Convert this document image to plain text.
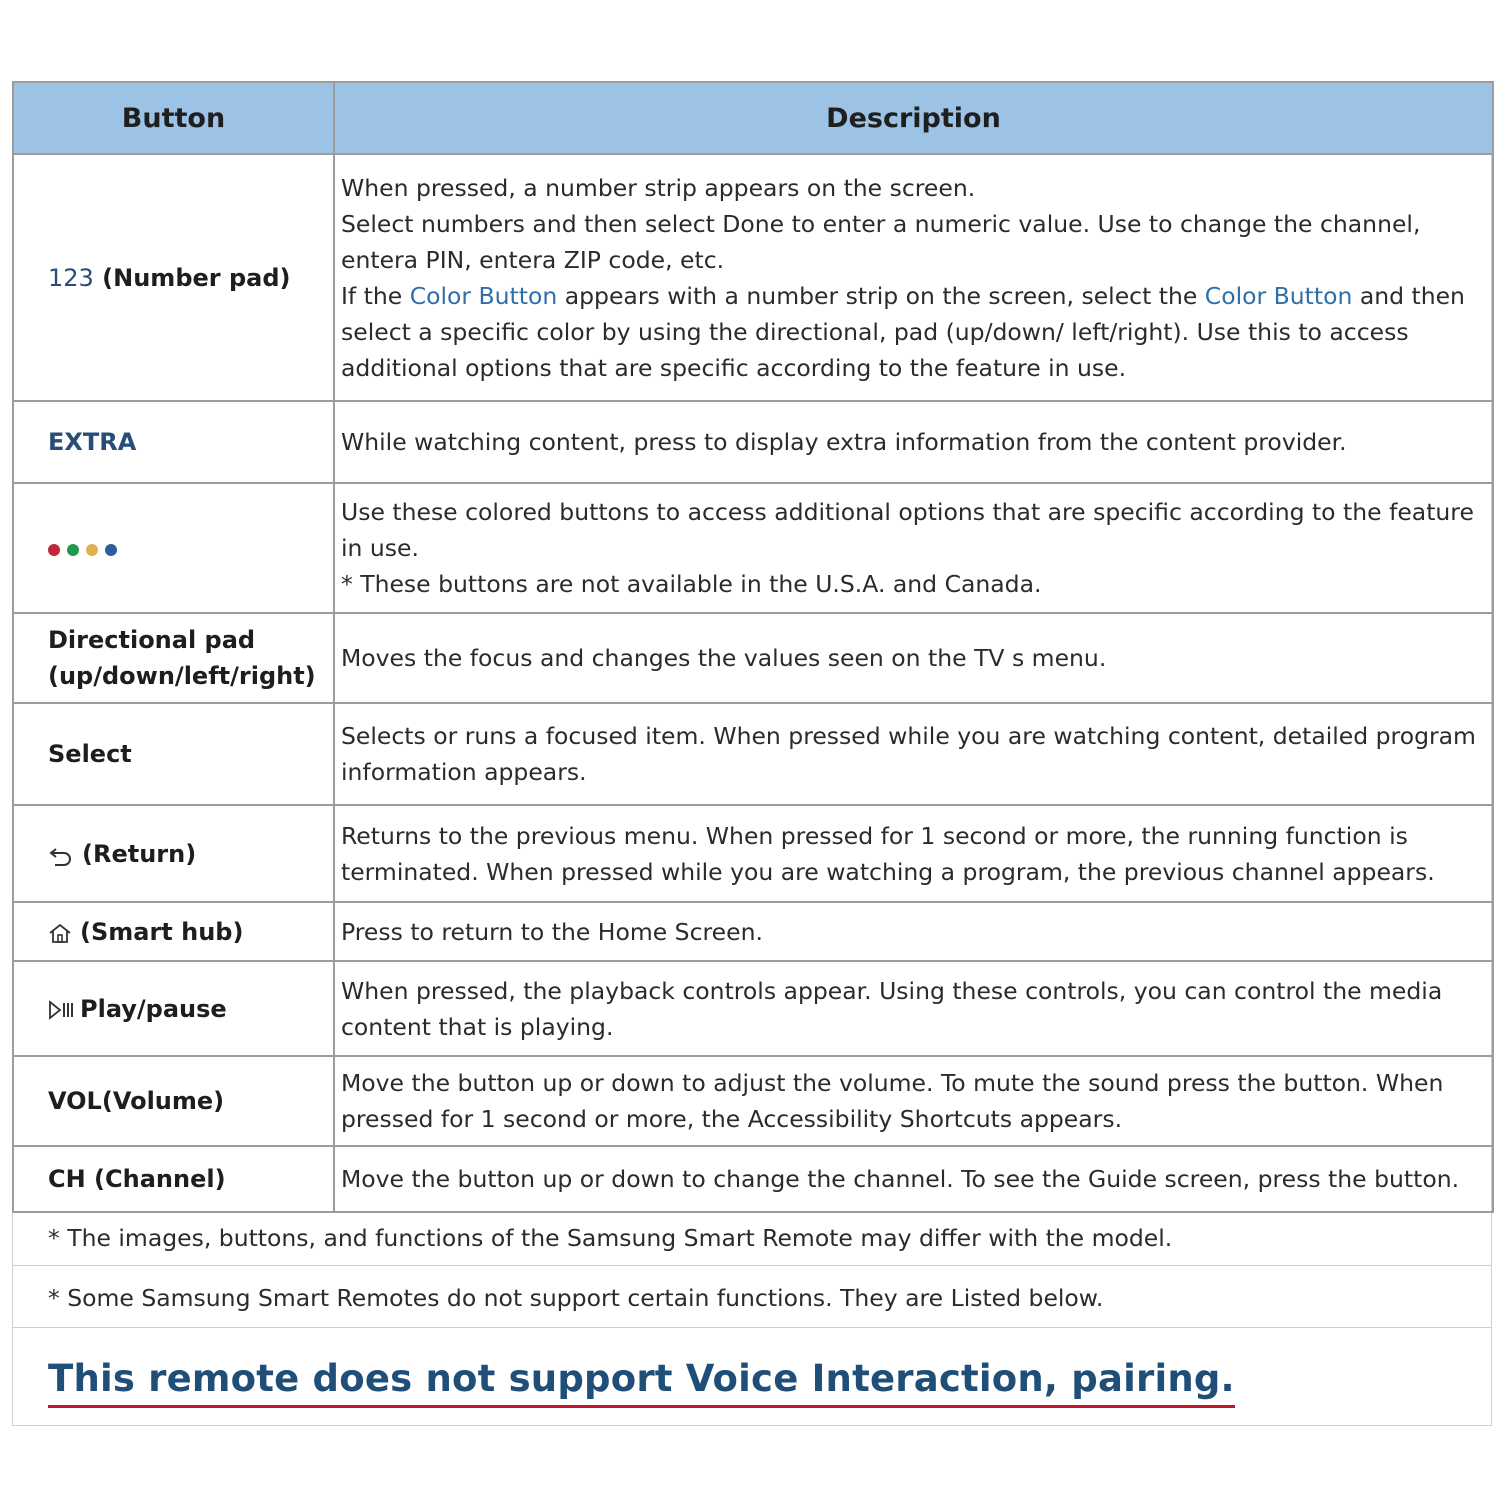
Button	Description
123 (Number pad)	When pressed, a number strip appears on the screen.
Select numbers and then select Done to enter a numeric value. Use to change the channel, entera PIN, entera ZIP code, etc.
If the Color Button appears with a number strip on the screen, select the Color Button and then select a specific color by using the directional, pad (up/down/ left/right). Use this to access additional options that are specific according to the feature in use.

EXTRA	While watching content, press to display extra information from the content provider.

	Use these colored buttons to access additional options that are specific according to the feature in use.
* These buttons are not available in the U.S.A. and Canada.

Directional pad
(up/down/left/right)	Moves the focus and changes the values seen on the TV s menu.
Select	Selects or runs a focused item. When pressed while you are watching content, detailed program information appears.
(Return)	Returns to the previous menu. When pressed for 1 second or more, the running function is terminated. When pressed while you are watching a program, the previous channel appears.
(Smart hub)	Press to return to the Home Screen.
Play/pause	When pressed, the playback controls appear. Using these controls, you can control the media content that is playing.
VOL(Volume)	Move the button up or down to adjust the volume. To mute the sound press the button. When pressed for 1 second or more, the Accessibility Shortcuts appears.
CH (Channel)	Move the button up or down to change the channel. To see the Guide screen, press the button.
* The images, buttons, and functions of the Samsung Smart Remote may differ with the model.
* Some Samsung Smart Remotes do not support certain functions. They are Listed below.
This remote does not support Voice Interaction, pairing.
